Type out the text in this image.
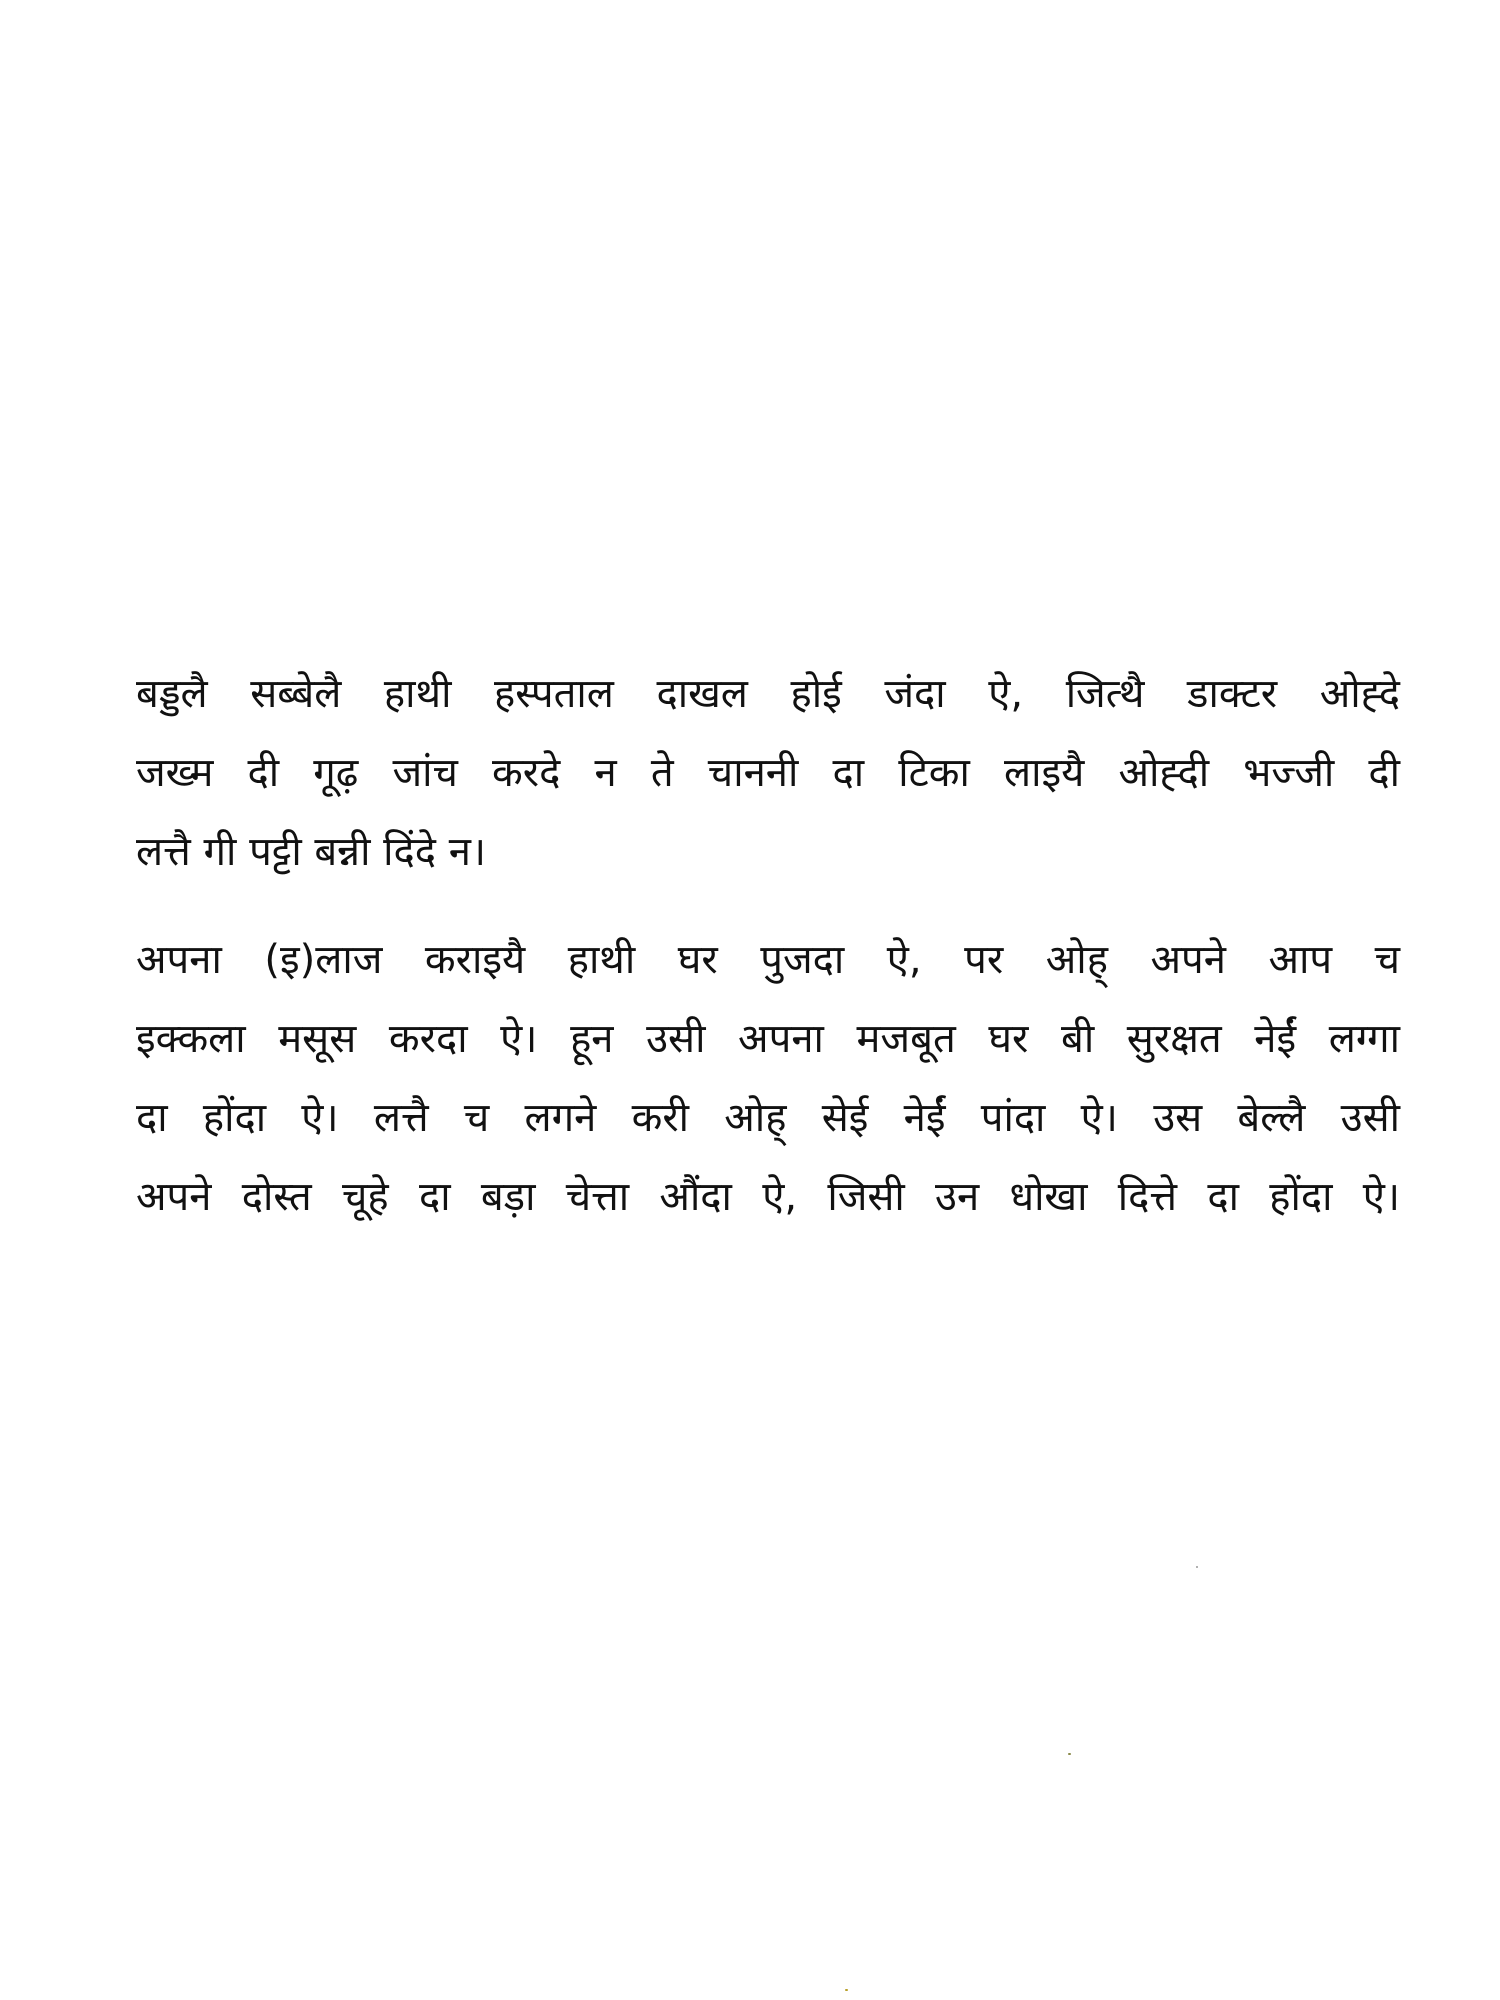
बड्डलै सब्बेलै हाथी हस्पताल दाखल होई जंदा ऐ, जित्थै डाक्टर ओह्दे
जख्म दी गूढ़ जांच करदे न ते चाननी दा टिका लाइयै ओह्दी भज्जी दी
लत्तै गी पट्टी बन्नी दिंदे न।
अपना (इ)लाज कराइयै हाथी घर पुजदा ऐ, पर ओह् अपने आप च
इक्कला मसूस करदा ऐ। हून उसी अपना मजबूत घर बी सुरक्षत नेईं लग्गा
दा होंदा ऐ। लत्तै च लगने करी ओह् सेई नेईं पांदा ऐ। उस बेल्लै उसी
अपने दोस्त चूहे दा बड़ा चेत्ता औंदा ऐ, जिसी उन धोखा दित्ते दा होंदा ऐ।
